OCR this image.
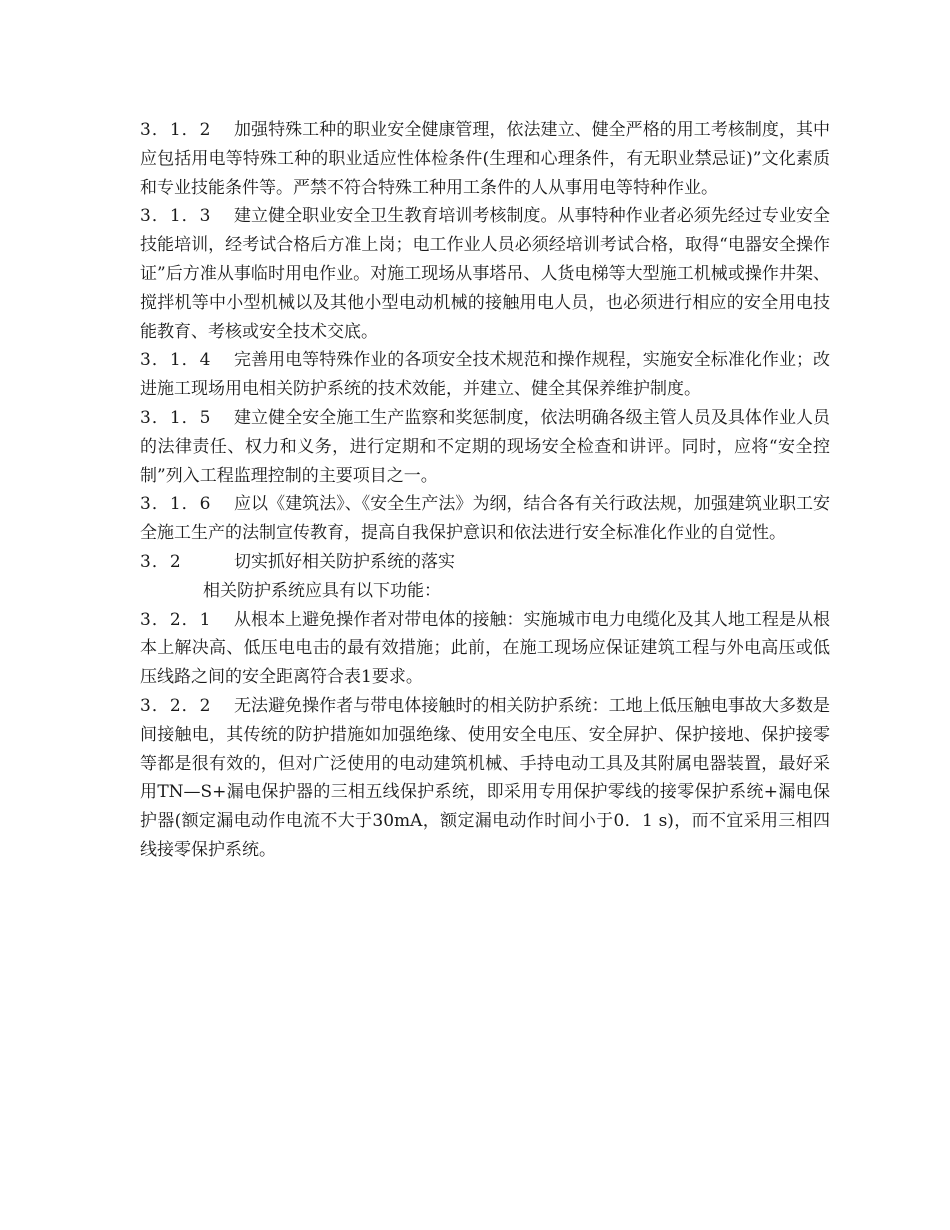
3．1．2 加强特殊工种的职业安全健康管理，依法建立、健全严格的用工考核制度，其中应包括用电等特殊工种的职业适应性体检条件(生理和心理条件，有无职业禁忌证)”文化素质和专业技能条件等。严禁不符合特殊工种用工条件的人从事用电等特种作业。

3．1．3 建立健全职业安全卫生教育培训考核制度。从事特种作业者必须先经过专业安全技能培训，经考试合格后方准上岗；电工作业人员必须经培训考试合格，取得“电器安全操作证”后方准从事临时用电作业。对施工现场从事塔吊、人货电梯等大型施工机械或操作井架、搅拌机等中小型机械以及其他小型电动机械的接触用电人员，也必须进行相应的安全用电技能教育、考核或安全技术交底。

3．1．4 完善用电等特殊作业的各项安全技术规范和操作规程，实施安全标准化作业；改进施工现场用电相关防护系统的技术效能，并建立、健全其保养维护制度。

3．1．5 建立健全安全施工生产监察和奖惩制度，依法明确各级主管人员及具体作业人员的法律责任、权力和义务，进行定期和不定期的现场安全检查和讲评。同时，应将“安全控制”列入工程监理控制的主要项目之一。

3．1．6 应以《建筑法》、《安全生产法》为纲，结合各有关行政法规，加强建筑业职工安全施工生产的法制宣传教育，提高自我保护意识和依法进行安全标准化作业的自觉性。

3．2	切实抓好相关防护系统的落实

相关防护系统应具有以下功能：

3．2．1 从根本上避免操作者对带电体的接触：实施城市电力电缆化及其人地工程是从根本上解决高、低压电电击的最有效措施；此前，在施工现场应保证建筑工程与外电高压或低压线路之间的安全距离符合表1要求。

3．2．2 无法避免操作者与带电体接触时的相关防护系统：工地上低压触电事故大多数是间接触电，其传统的防护措施如加强绝缘、使用安全电压、安全屏护、保护接地、保护接零等都是很有效的，但对广泛使用的电动建筑机械、手持电动工具及其附属电器装置，最好采用TN—S+漏电保护器的三相五线保护系统，即采用专用保护零线的接零保护系统+漏电保护器(额定漏电动作电流不大于30mA，额定漏电动作时间小于0．1 s)，而不宜采用三相四线接零保护系统。
